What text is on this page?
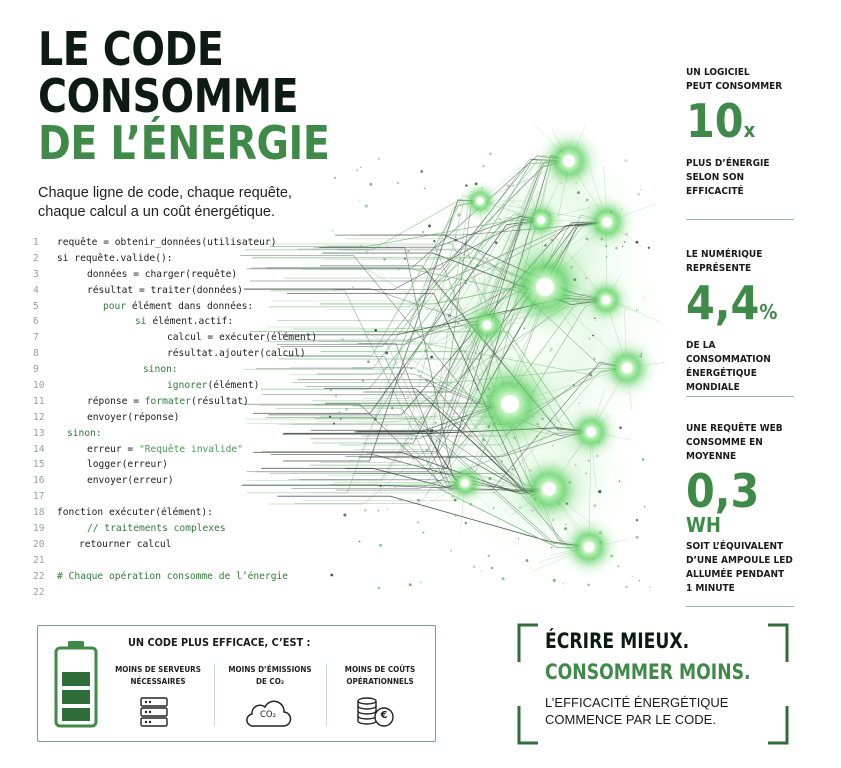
LE CODE
CONSOMME
DE L’ÉNERGIE
Chaque ligne de code, chaque requête,
chaque calcul a un coût énergétique.
1	requête = obtenir_données(utilisateur)
2	si requête.valide():
3	données = charger(requête)
4	résultat = traiter(données)
5	pour élément dans données:
6	si élément.actif:
7	calcul = exécuter(élément)
8	résultat.ajouter(calcul)
9	sinon:
10	ignorer(élément)
11	réponse = formater(résultat)
12	envoyer(réponse)
13 sinon:
14	erreur = "Requête invalide"
15	logger(erreur)
16	envoyer(erreur)
17
18 fonction exécuter(élément):
19	// traitements complexes
20	retourner calcul
21
22 # Chaque opération consomme de l’énergie
22
UN LOGICIEL
PEUT CONSOMMER
10x
PLUS D’ÉNERGIE
SELON SON
EFFICACITÉ
LE NUMÉRIQUE
REPRÉSENTE
4,4%
DE LA CONSOMMATION
ÉNERGÉTIQUE
MONDIALE
UNE REQUÊTE WEB
CONSOMME EN MOYENNE
0,3
WH
SOIT L’ÉQUIVALENT
D’UNE AMPOULE LED
ALLUMÉE PENDANT
1 MINUTE
UN CODE PLUS EFFICACE, C’EST :
MOINS DE SERVEURS
NÉCESSAIRES
MOINS D’ÉMISSIONS
DE CO₂
MOINS DE COÛTS
OPÉRATIONNELS
CO₂	€
ÉCRIRE MIEUX.
CONSOMMER MOINS.
L’EFFICACITÉ ÉNERGÉTIQUE
COMMENCE PAR LE CODE.
